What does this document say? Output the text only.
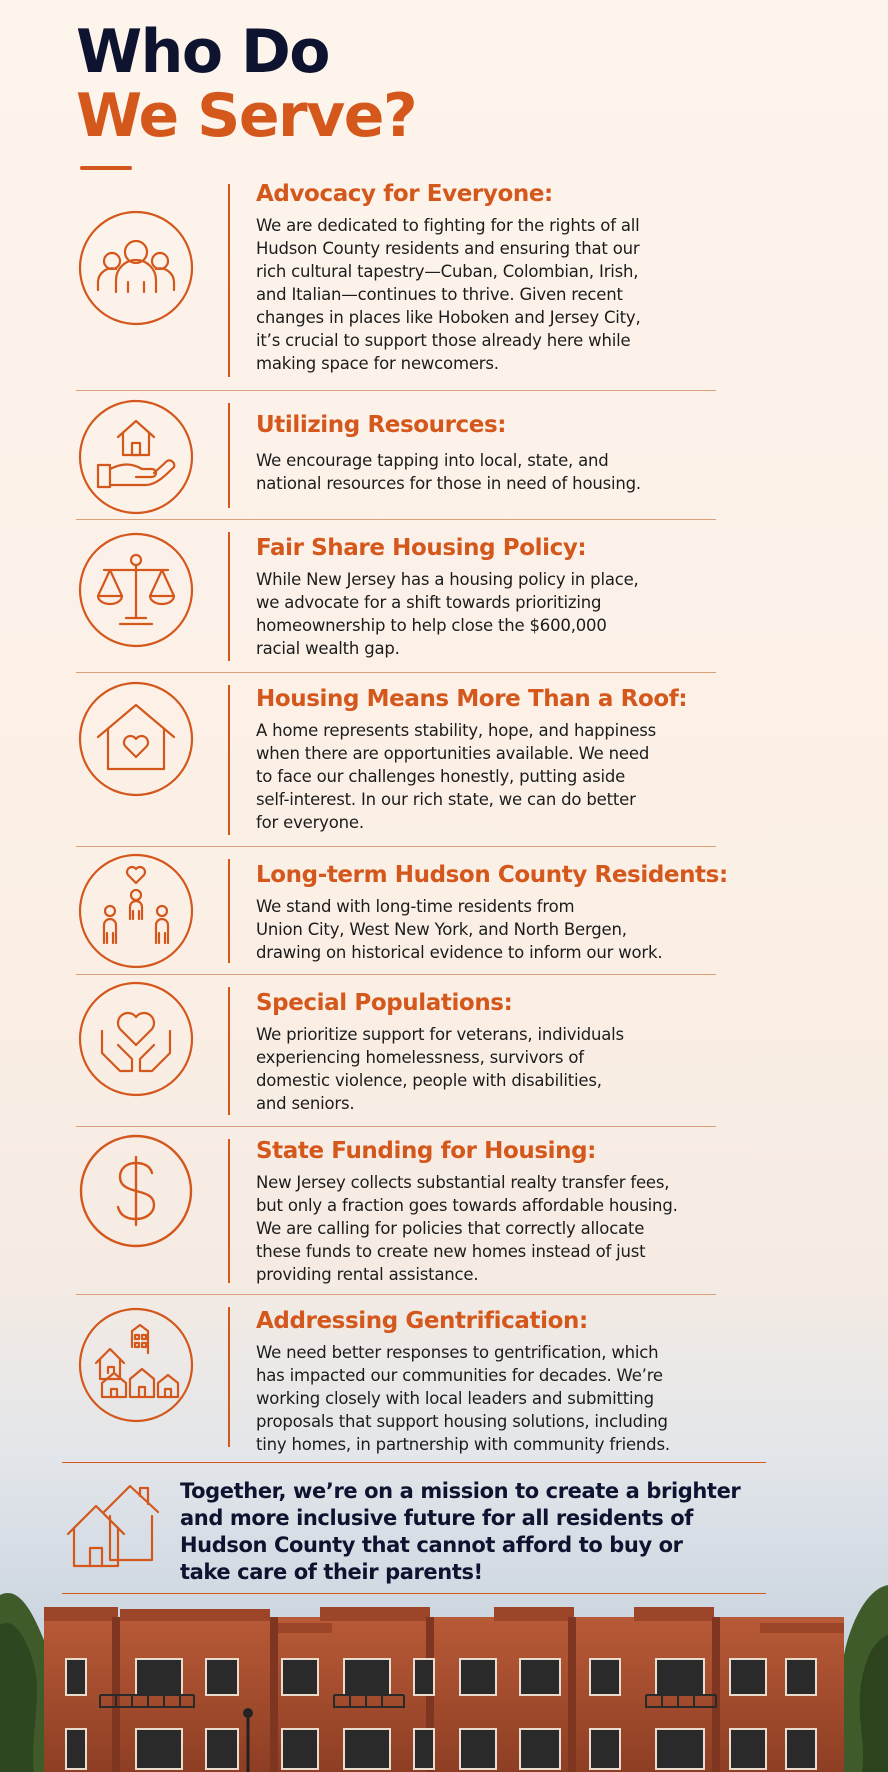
Who Do
We Serve?
Advocacy for Everyone:

We are dedicated to fighting for the rights of all
Hudson County residents and ensuring that our
rich cultural tapestry—Cuban, Colombian, Irish,
and Italian—continues to thrive. Given recent
changes in places like Hoboken and Jersey City,
it’s crucial to support those already here while
making space for newcomers.

Utilizing Resources:

We encourage tapping into local, state, and
national resources for those in need of housing.

Fair Share Housing Policy:

While New Jersey has a housing policy in place,
we advocate for a shift towards prioritizing
homeownership to help close the $600,000
racial wealth gap.

Housing Means More Than a Roof:

A home represents stability, hope, and happiness
when there are opportunities available. We need
to face our challenges honestly, putting aside
self-interest. In our rich state, we can do better
for everyone.

Long-term Hudson County Residents:

We stand with long-time residents from
Union City, West New York, and North Bergen,
drawing on historical evidence to inform our work.

Special Populations:

We prioritize support for veterans, individuals
experiencing homelessness, survivors of
domestic violence, people with disabilities,
and seniors.

State Funding for Housing:

New Jersey collects substantial realty transfer fees,
but only a fraction goes towards affordable housing.
We are calling for policies that correctly allocate
these funds to create new homes instead of just
providing rental assistance.

Addressing Gentrification:

We need better responses to gentrification, which
has impacted our communities for decades. We’re
working closely with local leaders and submitting
proposals that support housing solutions, including
tiny homes, in partnership with community friends.

Together, we’re on a mission to create a brighter
and more inclusive future for all residents of
Hudson County that cannot afford to buy or
take care of their parents!
